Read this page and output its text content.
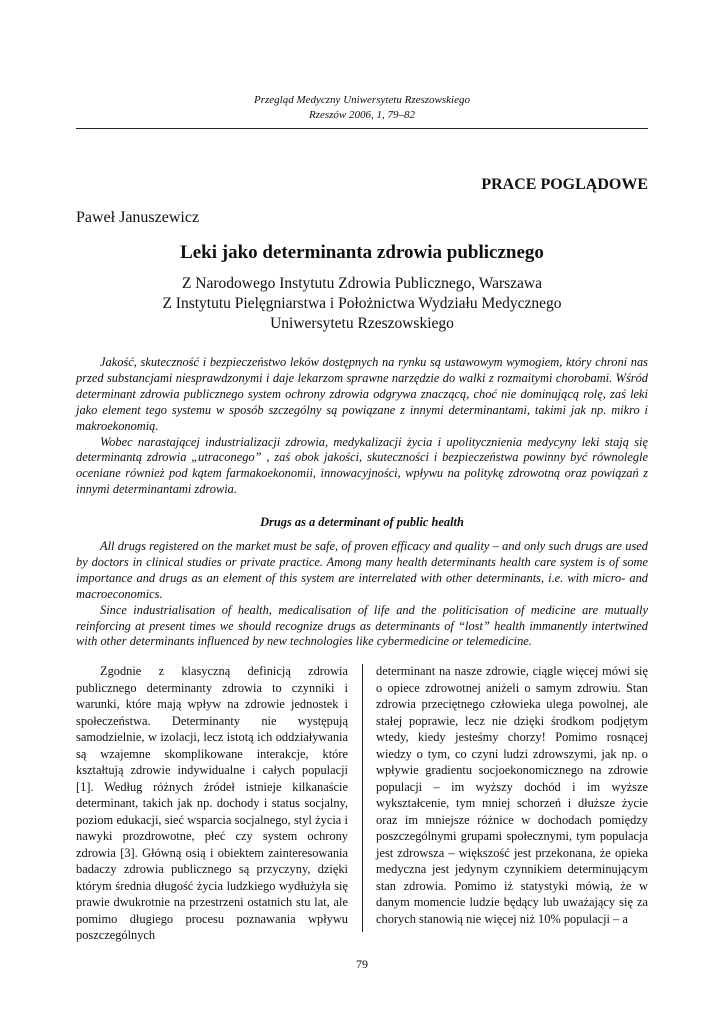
Przegląd Medyczny Uniwersytetu Rzeszowskiego
Rzeszów 2006, 1, 79–82
PRACE POGLĄDOWE
Paweł Januszewicz
Leki jako determinanta zdrowia publicznego
Z Narodowego Instytutu Zdrowia Publicznego, Warszawa
Z Instytutu Pielęgniarstwa i Położnictwa Wydziału Medycznego
Uniwersytetu Rzeszowskiego

Jakość, skuteczność i bezpieczeństwo leków dostępnych na rynku są ustawowym wymogiem, który chroni nas przed substancjami niesprawdzonymi i daje lekarzom sprawne narzędzie do walki z rozmaitymi chorobami. Wśród determinant zdrowia publicznego system ochrony zdrowia odgrywa znaczącą, choć nie dominującą rolę, zaś leki jako element tego systemu w sposób szczególny są powiązane z innymi determinantami, takimi jak np. mikro i makroekonomią.

Wobec narastającej industrializacji zdrowia, medykalizacji życia i upolitycznienia medycyny leki stają się determinantą zdrowia „utraconego” , zaś obok jakości, skuteczności i bezpieczeństwa powinny być równolegle oceniane również pod kątem farmakoekonomii, innowacyjności, wpływu na politykę zdrowotną oraz powiązań z innymi determinantami zdrowia.

Drugs as a determinant of public health

All drugs registered on the market must be safe, of proven efficacy and quality – and only such drugs are used by doctors in clinical studies or private practice. Among many health determinants health care system is of some importance and drugs as an element of this system are interrelated with other determinants, i.e. with micro- and macroeconomics.

Since industrialisation of health, medicalisation of life and the politicisation of medicine are mutually reinforcing at present times we should recognize drugs as determinants of “lost” health immanently intertwined with other determinants influenced by new technologies like cybermedicine or telemedicine.

Zgodnie z klasyczną definicją zdrowia publicznego determinanty zdrowia to czynniki i warunki, które mają wpływ na zdrowie jednostek i społeczeństwa. Determinanty nie występują samodzielnie, w izolacji, lecz istotą ich oddziaływania są wzajemne skomplikowane interakcje, które kształtują zdrowie indywidualne i całych populacji [1]. Według różnych źródeł istnieje kilkanaście determinant, takich jak np. dochody i status socjalny, poziom edukacji, sieć wsparcia socjalnego, styl życia i nawyki prozdrowotne, płeć czy system ochrony zdrowia [3]. Główną osią i obiektem zainteresowania badaczy zdrowia publicznego są przyczyny, dzięki którym średnia długość życia ludzkiego wydłużyła się prawie dwukrotnie na przestrzeni ostatnich stu lat, ale pomimo długiego procesu poznawania wpływu poszczególnych

determinant na nasze zdrowie, ciągle więcej mówi się o opiece zdrowotnej aniżeli o samym zdrowiu. Stan zdrowia przeciętnego człowieka ulega powolnej, ale stałej poprawie, lecz nie dzięki środkom podjętym wtedy, kiedy jesteśmy chorzy! Pomimo rosnącej wiedzy o tym, co czyni ludzi zdrowszymi, jak np. o wpływie gradientu socjoekonomicznego na zdrowie populacji – im wyższy dochód i im wyższe wykształcenie, tym mniej schorzeń i dłuższe życie oraz im mniejsze różnice w dochodach pomiędzy poszczególnymi grupami społecznymi, tym populacja jest zdrowsza – większość jest przekonana, że opieka medyczna jest jedynym czynnikiem determinującym stan zdrowia. Pomimo iż statystyki mówią, że w danym momencie ludzie będący lub uważający się za chorych stanowią nie więcej niż 10% populacji – a

79
